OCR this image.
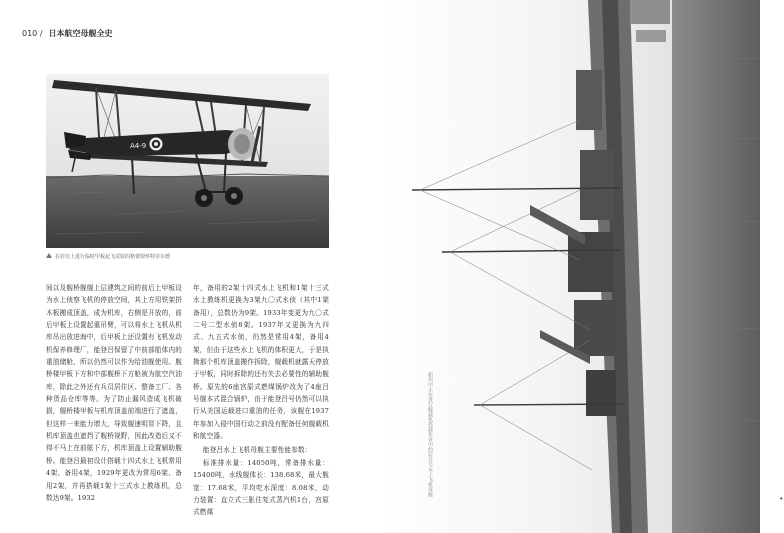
010 / 日本航空母舰全史
A4-9
在若宫上进行临时甲板起飞试验的格蕾姆怀特菲尔德

间以及舰桥舰舰上层建筑之间的前后上甲板设为水上侦察飞机的停放空间，其上方用铁架拼木板搬成顶盖，成为机库，右侧是开放的，前后甲板上设置起重吊臂，可以将水上飞机从机库吊出放进海中，后甲板上还设置有飞机发动机保养修理厂，能登吕保留了中前部船体内的重油储舱，所以仍然可以作为给油舰使用。舰桥楼甲板下方和中部舰桥下方舱被为航空汽油库，除此之外还有兵员居住区、整备工厂、各种货品仓库等等。为了防止漏风造成飞机破损，舰桥楼甲板与机库顶盖前端进行了遮盖，但这样一来能力增大，导致舰速明显下降，且机库顶盖也遮挡了舰桥视野，因此改造后又不得不马上在前舷下方，机库顶盖上设置辅助舰桥。能登吕最初设计搭载十四式水上飞机常用4架、备用4架，1929年更改为常用6架、备用2架，并再搭载1架十三式水上教练机，总数达9架。1932

年，备用的2架十四式水上飞机和1架十三式水上教练机更换为3架九〇式水侦（其中1架备用），总数仍为9架。1933年变更为九〇式二号二型水侦8架。1937年又更换为九四式、九五式水侦，仍然是常用4架，备用4架，但由于这些水上飞机的体积更大，于是执拗那个机库顶盖搬作拆除，舰载机就露天停放于甲板，同时拆除的还有失去必要性的辅助舰桥。原先的6座宫原式燃煤锅炉改为了4座吕号舰本式混合锅炉，由于能登吕号仍然可以执行从美国运载进口重油的任务，该舰在1937年参加入侵中国行动之前没有配备任何舰载机和航空器。

能登吕水上飞机母舰主要性能参数：

标准排水量：14050吨，常备排水量：15400吨，水线舰体长：138.68米，最大舰宽：17.68米，平均吃水深度：8.08米，动力装置：直立式三胀往复式蒸汽机1台，宫原式燃煤

✦
船坞中正在进行舰载机搭载作业中的若宫号水上飞机母舰
